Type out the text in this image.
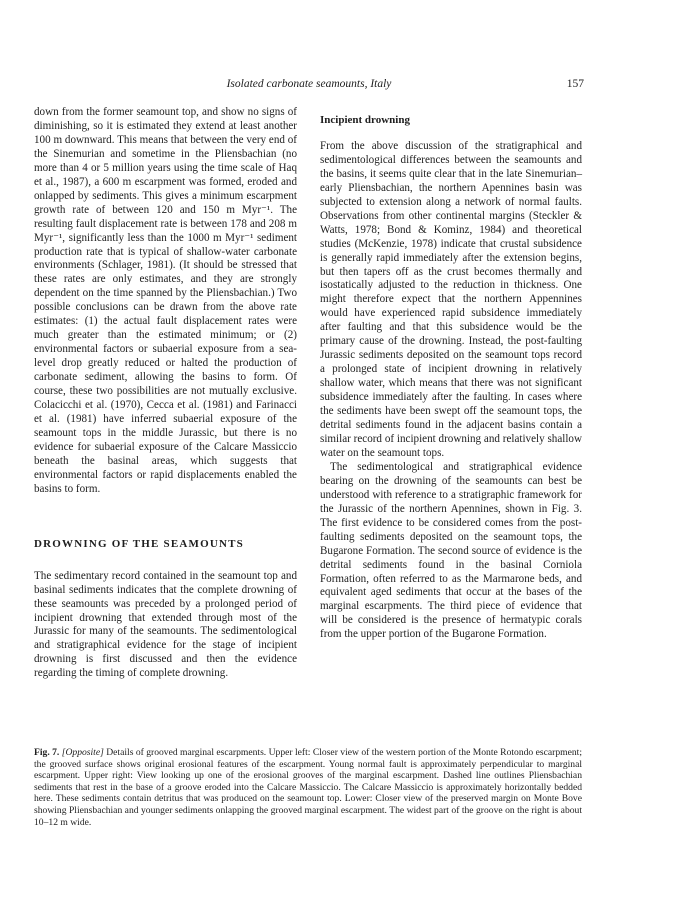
Isolated carbonate seamounts, Italy	157

down from the former seamount top, and show no signs of diminishing, so it is estimated they extend at least another 100 m downward. This means that between the very end of the Sinemurian and sometime in the Pliensbachian (no more than 4 or 5 million years using the time scale of Haq et al., 1987), a 600 m escarpment was formed, eroded and onlapped by sediments. This gives a minimum escarpment growth rate of between 120 and 150 m Myr⁻¹. The resulting fault displacement rate is between 178 and 208 m Myr⁻¹, significantly less than the 1000 m Myr⁻¹ sediment production rate that is typical of shallow-water carbonate environments (Schlager, 1981). (It should be stressed that these rates are only estimates, and they are strongly dependent on the time spanned by the Pliensbachian.) Two possible conclusions can be drawn from the above rate estimates: (1) the actual fault displacement rates were much greater than the estimated minimum; or (2) environmental factors or subaerial exposure from a sea-level drop greatly reduced or halted the production of carbonate sediment, allowing the basins to form. Of course, these two possibilities are not mutually exclusive. Colacicchi et al. (1970), Cecca et al. (1981) and Farinacci et al. (1981) have inferred subaerial exposure of the seamount tops in the middle Jurassic, but there is no evidence for subaerial exposure of the Calcare Massiccio beneath the basinal areas, which suggests that environmental factors or rapid displacements enabled the basins to form.

DROWNING OF THE SEAMOUNTS

The sedimentary record contained in the seamount top and basinal sediments indicates that the complete drowning of these seamounts was preceded by a prolonged period of incipient drowning that extended through most of the Jurassic for many of the seamounts. The sedimentological and stratigraphical evidence for the stage of incipient drowning is first discussed and then the evidence regarding the timing of complete drowning.

Incipient drowning

From the above discussion of the stratigraphical and sedimentological differences between the seamounts and the basins, it seems quite clear that in the late Sinemurian–early Pliensbachian, the northern Apennines basin was subjected to extension along a network of normal faults. Observations from other continental margins (Steckler & Watts, 1978; Bond & Kominz, 1984) and theoretical studies (McKenzie, 1978) indicate that crustal subsidence is generally rapid immediately after the extension begins, but then tapers off as the crust becomes thermally and isostatically adjusted to the reduction in thickness. One might therefore expect that the northern Appennines would have experienced rapid subsidence immediately after faulting and that this subsidence would be the primary cause of the drowning. Instead, the post-faulting Jurassic sediments deposited on the seamount tops record a prolonged state of incipient drowning in relatively shallow water, which means that there was not significant subsidence immediately after the faulting. In cases where the sediments have been swept off the seamount tops, the detrital sediments found in the adjacent basins contain a similar record of incipient drowning and relatively shallow water on the seamount tops.

The sedimentological and stratigraphical evidence bearing on the drowning of the seamounts can best be understood with reference to a stratigraphic framework for the Jurassic of the northern Apennines, shown in Fig. 3. The first evidence to be considered comes from the post-faulting sediments deposited on the seamount tops, the Bugarone Formation. The second source of evidence is the detrital sediments found in the basinal Corniola Formation, often referred to as the Marmarone beds, and equivalent aged sediments that occur at the bases of the marginal escarpments. The third piece of evidence that will be considered is the presence of hermatypic corals from the upper portion of the Bugarone Formation.

Fig. 7. [Opposite] Details of grooved marginal escarpments. Upper left: Closer view of the western portion of the Monte Rotondo escarpment; the grooved surface shows original erosional features of the escarpment. Young normal fault is approximately perpendicular to marginal escarpment. Upper right: View looking up one of the erosional grooves of the marginal escarpment. Dashed line outlines Pliensbachian sediments that rest in the base of a groove eroded into the Calcare Massiccio. The Calcare Massiccio is approximately horizontally bedded here. These sediments contain detritus that was produced on the seamount top. Lower: Closer view of the preserved margin on Monte Bove showing Pliensbachian and younger sediments onlapping the grooved marginal escarpment. The widest part of the groove on the right is about 10–12 m wide.
